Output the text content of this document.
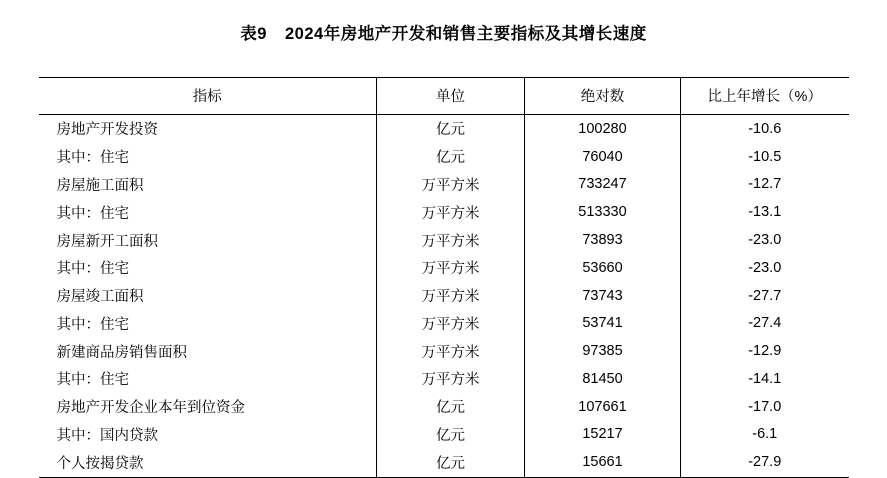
表9 2024年房地产开发和销售主要指标及其增长速度
指标	单位	绝对数	比上年增长（%）
房地产开发投资	亿元	100280	-10.6
其中：住宅	亿元	76040	-10.5
房屋施工面积	万平方米	733247	-12.7
其中：住宅	万平方米	513330	-13.1
房屋新开工面积	万平方米	73893	-23.0
其中：住宅	万平方米	53660	-23.0
房屋竣工面积	万平方米	73743	-27.7
其中：住宅	万平方米	53741	-27.4
新建商品房销售面积	万平方米	97385	-12.9
其中：住宅	万平方米	81450	-14.1
房地产开发企业本年到位资金	亿元	107661	-17.0
其中：国内贷款	亿元	15217	-6.1
个人按揭贷款	亿元	15661	-27.9
